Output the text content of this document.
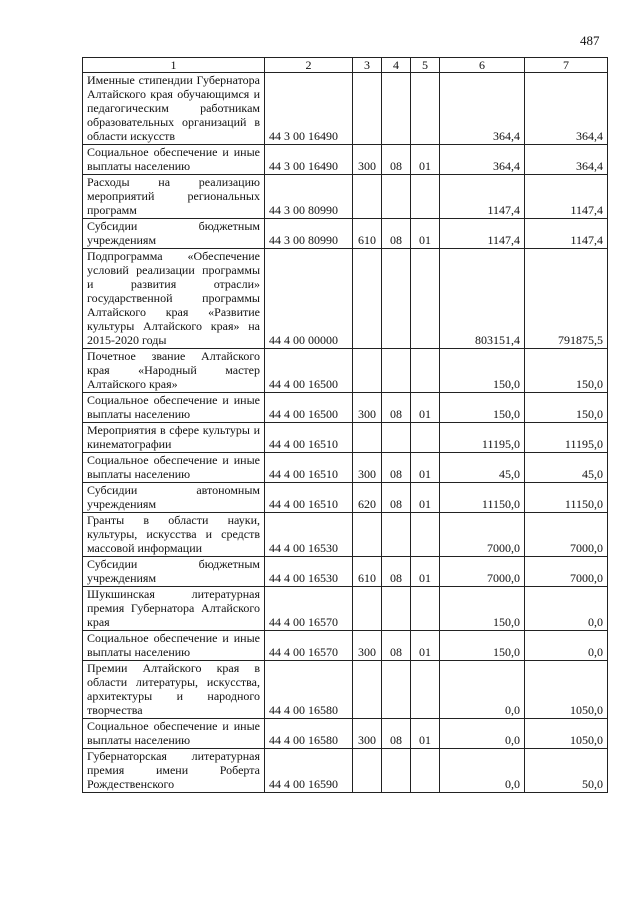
487
1	2	3	4	5	6	7
Именные стипендии Губернатора Алтайского края обучающимся и педагогическим работникам образовательных организаций в области искусств	44 3 00 16490				364,4	364,4
Социальное обеспечение и иные выплаты населению	44 3 00 16490	300	08	01	364,4	364,4
Расходы на реализацию мероприятий региональных программ	44 3 00 80990				1147,4	1147,4
Субсидии бюджетным учреждениям	44 3 00 80990	610	08	01	1147,4	1147,4
Подпрограмма «Обеспечение условий реализации программы и развития отрасли» государственной программы Алтайского края «Развитие культуры Алтайского края» на 2015-2020 годы	44 4 00 00000				803151,4	791875,5
Почетное звание Алтайского края «Народный мастер Алтайского края»	44 4 00 16500				150,0	150,0
Социальное обеспечение и иные выплаты населению	44 4 00 16500	300	08	01	150,0	150,0
Мероприятия в сфере культуры и кинематографии	44 4 00 16510				11195,0	11195,0
Социальное обеспечение и иные выплаты населению	44 4 00 16510	300	08	01	45,0	45,0
Субсидии автономным учреждениям	44 4 00 16510	620	08	01	11150,0	11150,0
Гранты в области науки, культуры, искусства и средств массовой информации	44 4 00 16530				7000,0	7000,0
Субсидии бюджетным учреждениям	44 4 00 16530	610	08	01	7000,0	7000,0
Шукшинская литературная премия Губернатора Алтайского края	44 4 00 16570				150,0	0,0
Социальное обеспечение и иные выплаты населению	44 4 00 16570	300	08	01	150,0	0,0
Премии Алтайского края в области литературы, искусства, архитектуры и народного творчества	44 4 00 16580				0,0	1050,0
Социальное обеспечение и иные выплаты населению	44 4 00 16580	300	08	01	0,0	1050,0
Губернаторская литературная премия имени Роберта Рождественского	44 4 00 16590				0,0	50,0
